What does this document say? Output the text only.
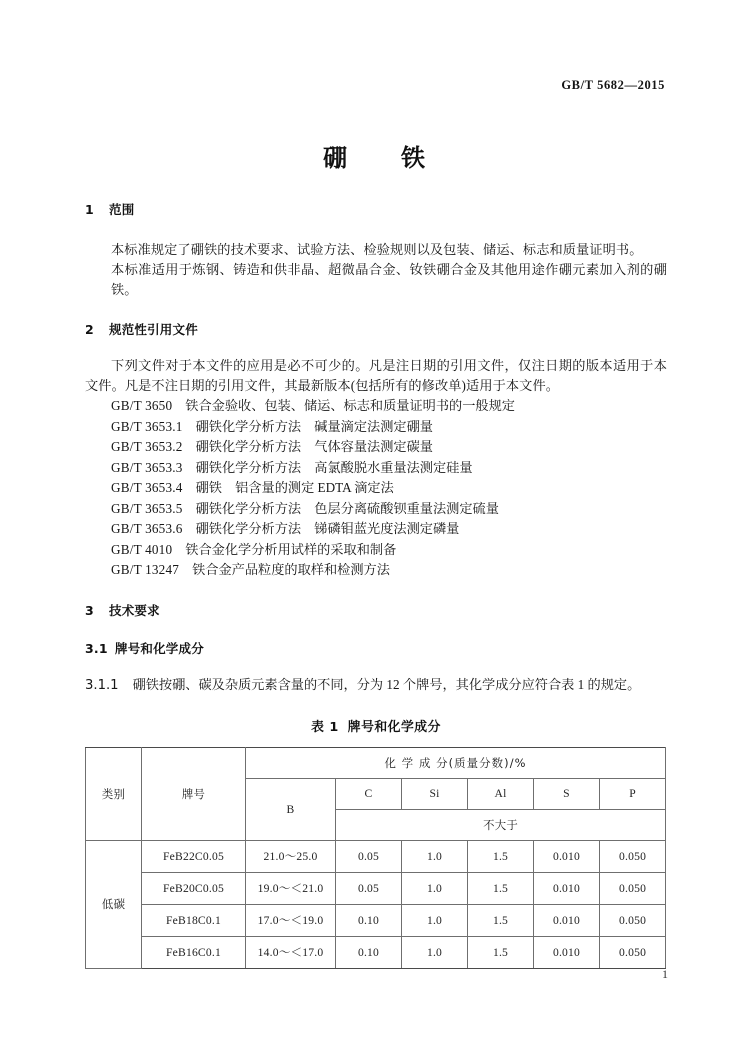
GB/T 5682—2015
硼 铁
1 范围
本标准规定了硼铁的技术要求、试验方法、检验规则以及包装、储运、标志和质量证明书。
本标准适用于炼钢、铸造和供非晶、超微晶合金、钕铁硼合金及其他用途作硼元素加入剂的硼铁。
2 规范性引用文件
下列文件对于本文件的应用是必不可少的。凡是注日期的引用文件，仅注日期的版本适用于本文件。凡是不注日期的引用文件，其最新版本(包括所有的修改单)适用于本文件。
GB/T 3650 铁合金验收、包装、储运、标志和质量证明书的一般规定
GB/T 3653.1 硼铁化学分析方法　碱量滴定法测定硼量
GB/T 3653.2 硼铁化学分析方法　气体容量法测定碳量
GB/T 3653.3 硼铁化学分析方法　高氯酸脱水重量法测定硅量
GB/T 3653.4 硼铁　铝含量的测定 EDTA 滴定法
GB/T 3653.5 硼铁化学分析方法　色层分离硫酸钡重量法测定硫量
GB/T 3653.6 硼铁化学分析方法　锑磷钼蓝光度法测定磷量
GB/T 4010 铁合金化学分析用试样的采取和制备
GB/T 13247 铁合金产品粒度的取样和检测方法
3 技术要求
3.1 牌号和化学成分
3.1.1 硼铁按硼、碳及杂质元素含量的不同，分为 12 个牌号，其化学成分应符合表 1 的规定。
表 1 牌号和化学成分
类别	牌号	化 学 成 分(质量分数)/%					
		B	C	Si	Al	S	P
			不大于				
低碳	FeB22C0.05	21.0～25.0	0.05	1.0	1.5	0.010	0.050
	FeB20C0.05	19.0～＜21.0	0.05	1.0	1.5	0.010	0.050
	FeB18C0.1	17.0～＜19.0	0.10	1.0	1.5	0.010	0.050
	FeB16C0.1	14.0～＜17.0	0.10	1.0	1.5	0.010	0.050
1
